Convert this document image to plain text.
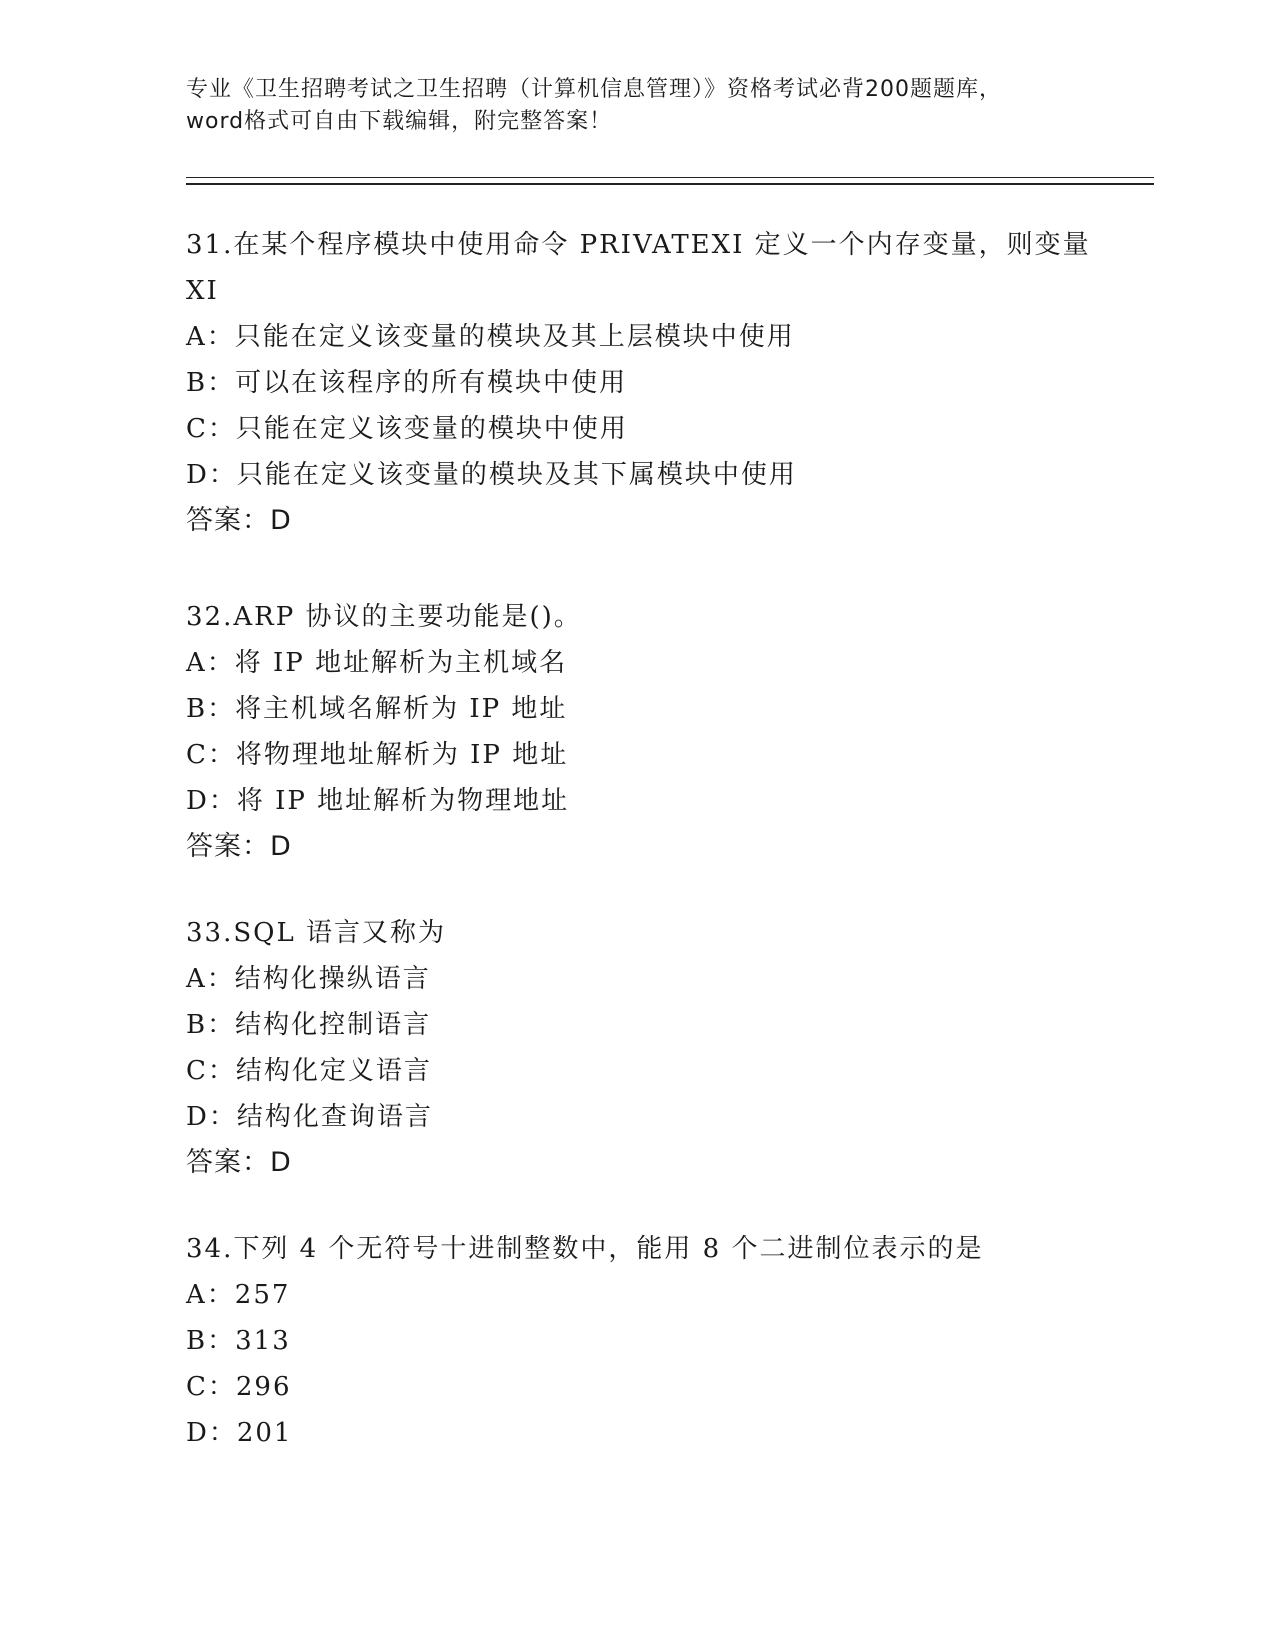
专业《卫生招聘考试之卫生招聘（计算机信息管理）》资格考试必背200题题库，
word格式可自由下载编辑，附完整答案！
31.在某个程序模块中使用命令 PRIVATEXI 定义一个内存变量，则变量
XI
A：只能在定义该变量的模块及其上层模块中使用
B：可以在该程序的所有模块中使用
C：只能在定义该变量的模块中使用
D：只能在定义该变量的模块及其下属模块中使用
答案：D
32.ARP 协议的主要功能是()。
A：将 IP 地址解析为主机域名
B：将主机域名解析为 IP 地址
C：将物理地址解析为 IP 地址
D：将 IP 地址解析为物理地址
答案：D
33.SQL 语言又称为
A：结构化操纵语言
B：结构化控制语言
C：结构化定义语言
D：结构化查询语言
答案：D
34.下列 4 个无符号十进制整数中，能用 8 个二进制位表示的是
A：257
B：313
C：296
D：201
